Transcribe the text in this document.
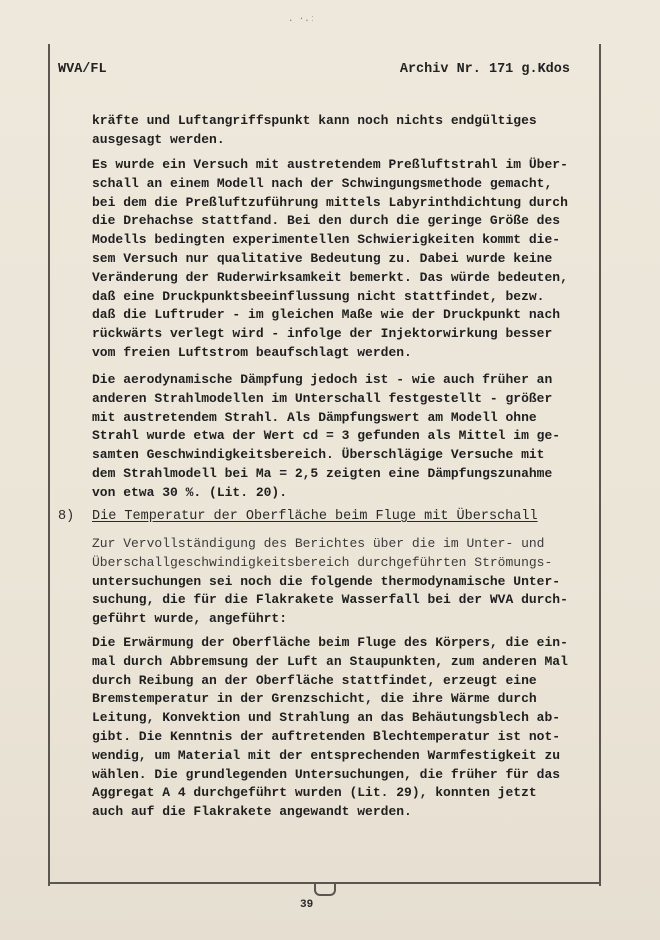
. ·.ː
WVA/FL	Archiv Nr. 171 g.Kdos
kräfte und Luftangriffspunkt kann noch nichts endgültiges
ausgesagt werden.
Es wurde ein Versuch mit austretendem Preßluftstrahl im Über-
schall an einem Modell nach der Schwingungsmethode gemacht,
bei dem die Preßluftzuführung mittels Labyrinthdichtung durch
die Drehachse stattfand. Bei den durch die geringe Größe des
Modells bedingten experimentellen Schwierigkeiten kommt die-
sem Versuch nur qualitative Bedeutung zu. Dabei wurde keine
Veränderung der Ruderwirksamkeit bemerkt. Das würde bedeuten,
daß eine Druckpunktsbeeinflussung nicht stattfindet, bezw.
daß die Luftruder - im gleichen Maße wie der Druckpunkt nach
rückwärts verlegt wird - infolge der Injektorwirkung besser
vom freien Luftstrom beaufschlagt werden.
Die aerodynamische Dämpfung jedoch ist - wie auch früher an
anderen Strahlmodellen im Unterschall festgestellt - größer
mit austretendem Strahl. Als Dämpfungswert am Modell ohne
Strahl wurde etwa der Wert cd = 3 gefunden als Mittel im ge-
samten Geschwindigkeitsbereich. Überschlägige Versuche mit
dem Strahlmodell bei Ma = 2,5 zeigten eine Dämpfungszunahme
von etwa 30 %. (Lit. 20).
8) Die Temperatur der Oberfläche beim Fluge mit Überschall
Zur Vervollständigung des Berichtes über die im Unter- und
Überschallgeschwindigkeitsbereich durchgeführten Strömungs-
untersuchungen sei noch die folgende thermodynamische Unter-
suchung, die für die Flakrakete Wasserfall bei der WVA durch-
geführt wurde, angeführt:
Die Erwärmung der Oberfläche beim Fluge des Körpers, die ein-
mal durch Abbremsung der Luft an Staupunkten, zum anderen Mal
durch Reibung an der Oberfläche stattfindet, erzeugt eine
Bremstemperatur in der Grenzschicht, die ihre Wärme durch
Leitung, Konvektion und Strahlung an das Behäutungsblech ab-
gibt. Die Kenntnis der auftretenden Blechtemperatur ist not-
wendig, um Material mit der entsprechenden Warmfestigkeit zu
wählen. Die grundlegenden Untersuchungen, die früher für das
Aggregat A 4 durchgeführt wurden (Lit. 29), konnten jetzt
auch auf die Flakrakete angewandt werden.
39
